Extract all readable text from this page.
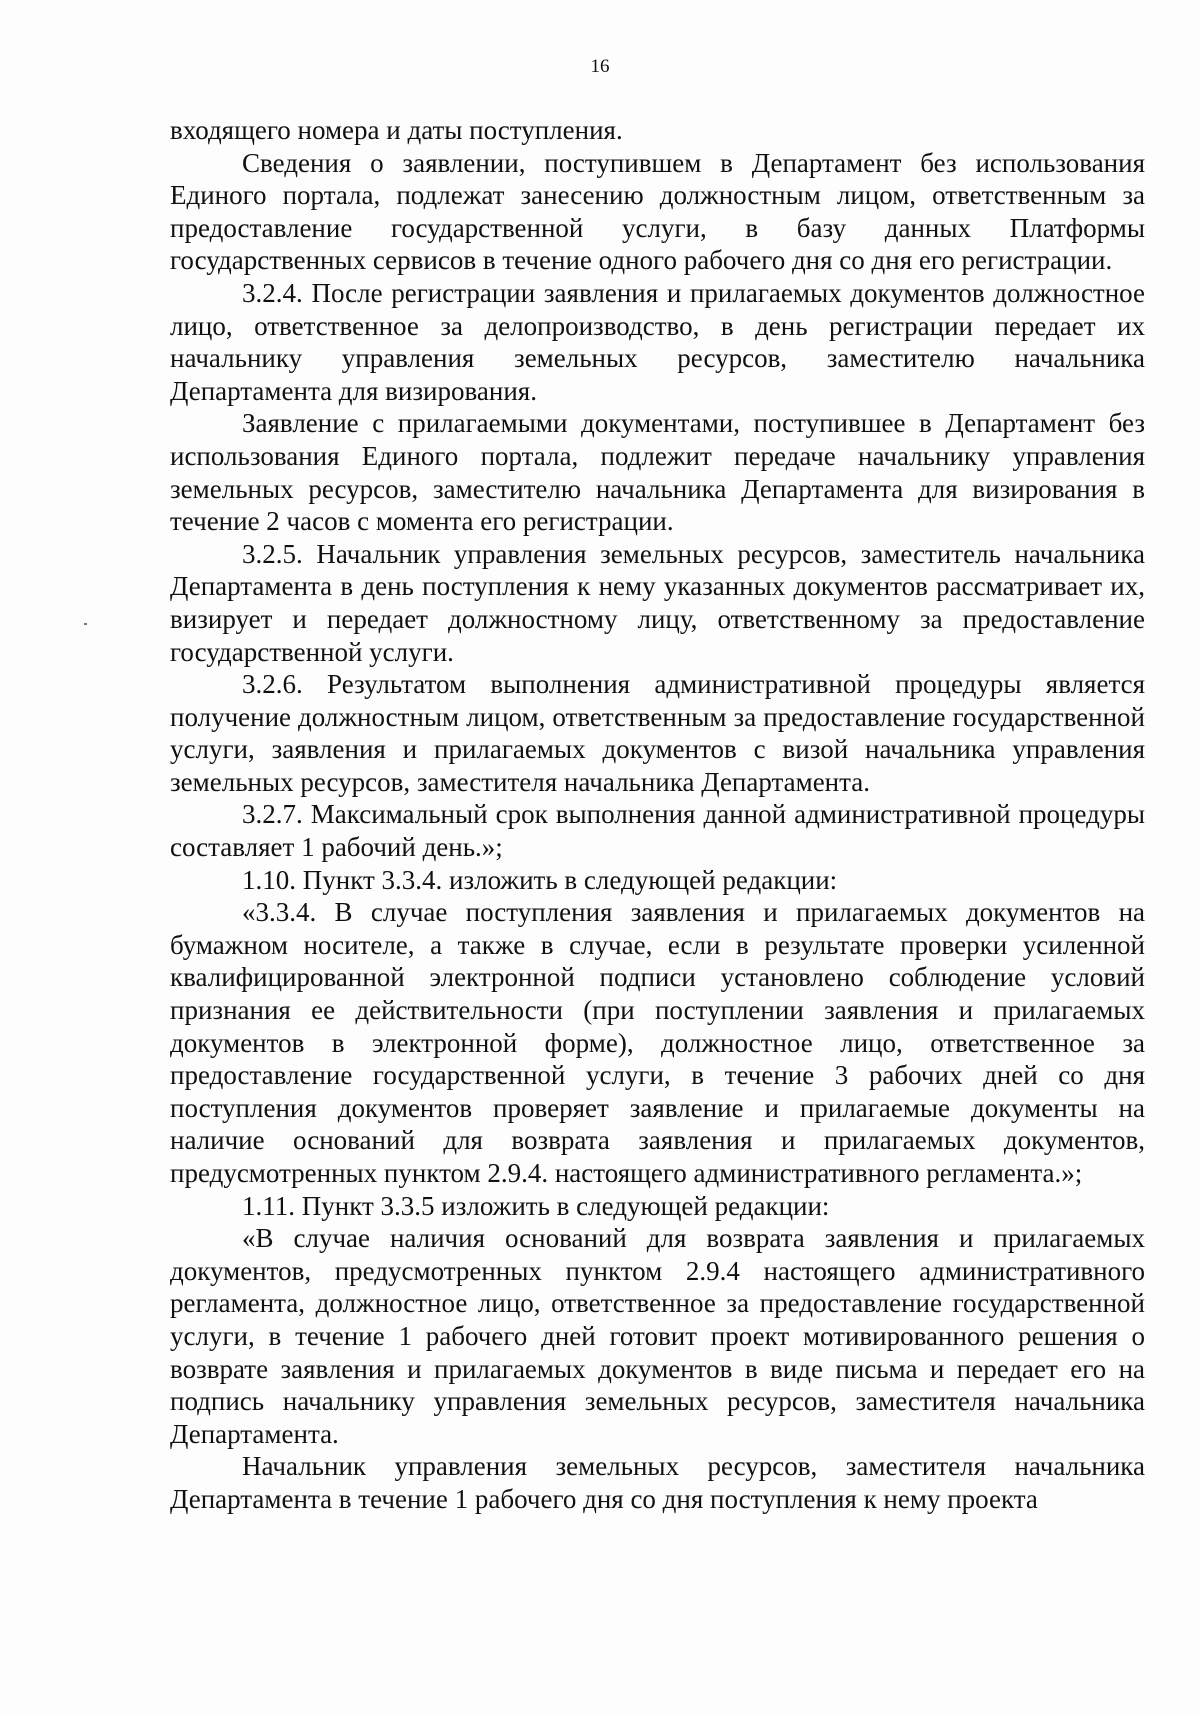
16

входящего номера и даты поступления.

Сведения о заявлении, поступившем в Департамент без использования Единого портала, подлежат занесению должностным лицом, ответственным за предоставление государственной услуги, в базу данных Платформы государственных сервисов в течение одного рабочего дня со дня его регистрации.

3.2.4. После регистрации заявления и прилагаемых документов должностное лицо, ответственное за делопроизводство, в день регистрации передает их начальнику управления земельных ресурсов, заместителю начальника Департамента для визирования.

Заявление с прилагаемыми документами, поступившее в Департамент без использования Единого портала, подлежит передаче начальнику управления земельных ресурсов, заместителю начальника Департамента для визирования в течение 2 часов с момента его регистрации.

3.2.5. Начальник управления земельных ресурсов, заместитель начальника Департамента в день поступления к нему указанных документов рассматривает их, визирует и передает должностному лицу, ответственному за предоставление государственной услуги.

3.2.6. Результатом выполнения административной процедуры является получение должностным лицом, ответственным за предоставление государственной услуги, заявления и прилагаемых документов с визой начальника управления земельных ресурсов, заместителя начальника Департамента.

3.2.7. Максимальный срок выполнения данной административной процедуры составляет 1 рабочий день.»;

1.10. Пункт 3.3.4. изложить в следующей редакции:

«3.3.4. В случае поступления заявления и прилагаемых документов на бумажном носителе, а также в случае, если в результате проверки усиленной квалифицированной электронной подписи установлено соблюдение условий признания ее действительности (при поступлении заявления и прилагаемых документов в электронной форме), должностное лицо, ответственное за предоставление государственной услуги, в течение 3 рабочих дней со дня поступления документов проверяет заявление и прилагаемые документы на наличие оснований для возврата заявления и прилагаемых документов, предусмотренных пунктом 2.9.4. настоящего административного регламента.»;

1.11. Пункт 3.3.5 изложить в следующей редакции:

«В случае наличия оснований для возврата заявления и прилагаемых документов, предусмотренных пунктом 2.9.4 настоящего административного регламента, должностное лицо, ответственное за предоставление государственной услуги, в течение 1 рабочего дней готовит проект мотивированного решения о возврате заявления и прилагаемых документов в виде письма и передает его на подпись начальнику управления земельных ресурсов, заместителя начальника Департамента.

Начальник управления земельных ресурсов, заместителя начальника Департамента в течение 1 рабочего дня со дня поступления к нему проекта
